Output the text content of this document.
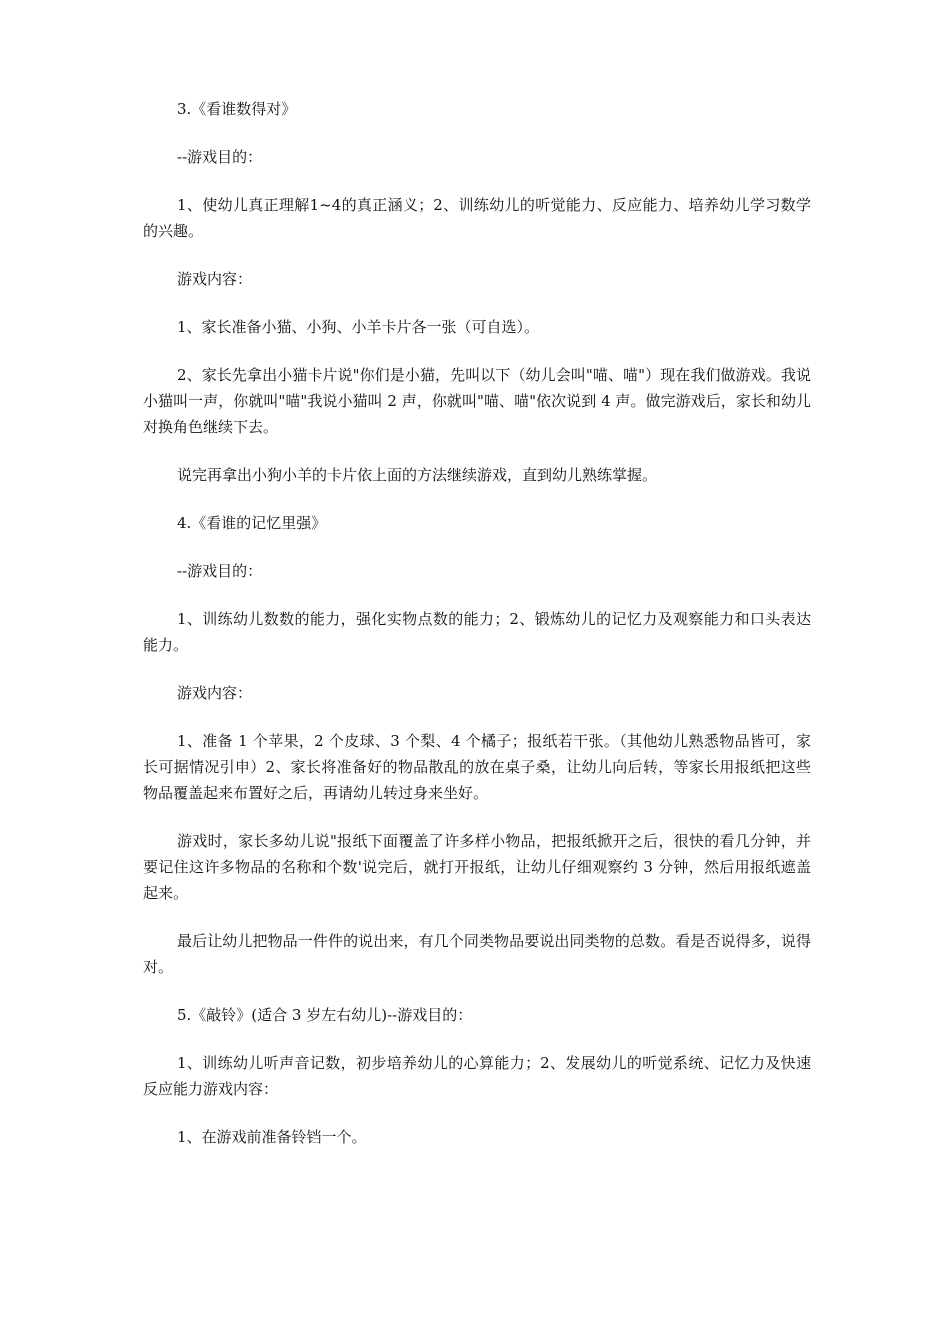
3.《看谁数得对》

--游戏目的：

1、使幼儿真正理解1~4的真正涵义；2、训练幼儿的听觉能力、反应能力、培养幼儿学习数学的兴趣。

游戏内容：

1、家长准备小猫、小狗、小羊卡片各一张（可自选）。

2、家长先拿出小猫卡片说"你们是小猫，先叫以下（幼儿会叫"喵、喵"）现在我们做游戏。我说小猫叫一声，你就叫"喵"我说小猫叫 2 声，你就叫"喵、喵"依次说到 4 声。做完游戏后，家长和幼儿对换角色继续下去。

说完再拿出小狗小羊的卡片依上面的方法继续游戏，直到幼儿熟练掌握。

4.《看谁的记忆里强》

--游戏目的：

1、训练幼儿数数的能力，强化实物点数的能力；2、锻炼幼儿的记忆力及观察能力和口头表达能力。

游戏内容：

1、准备 1 个苹果，2 个皮球、3 个梨、4 个橘子；报纸若干张。（其他幼儿熟悉物品皆可，家长可据情况引申）2、家长将准备好的物品散乱的放在桌子桑，让幼儿向后转，等家长用报纸把这些物品覆盖起来布置好之后，再请幼儿转过身来坐好。

游戏时，家长多幼儿说"报纸下面覆盖了许多样小物品，把报纸掀开之后，很快的看几分钟，并要记住这许多物品的名称和个数'说完后，就打开报纸，让幼儿仔细观察约 3 分钟，然后用报纸遮盖起来。

最后让幼儿把物品一件件的说出来，有几个同类物品要说出同类物的总数。看是否说得多，说得对。

5.《敲铃》(适合 3 岁左右幼儿)--游戏目的：

1、训练幼儿听声音记数，初步培养幼儿的心算能力；2、发展幼儿的听觉系统、记忆力及快速反应能力游戏内容：

1、在游戏前准备铃铛一个。
